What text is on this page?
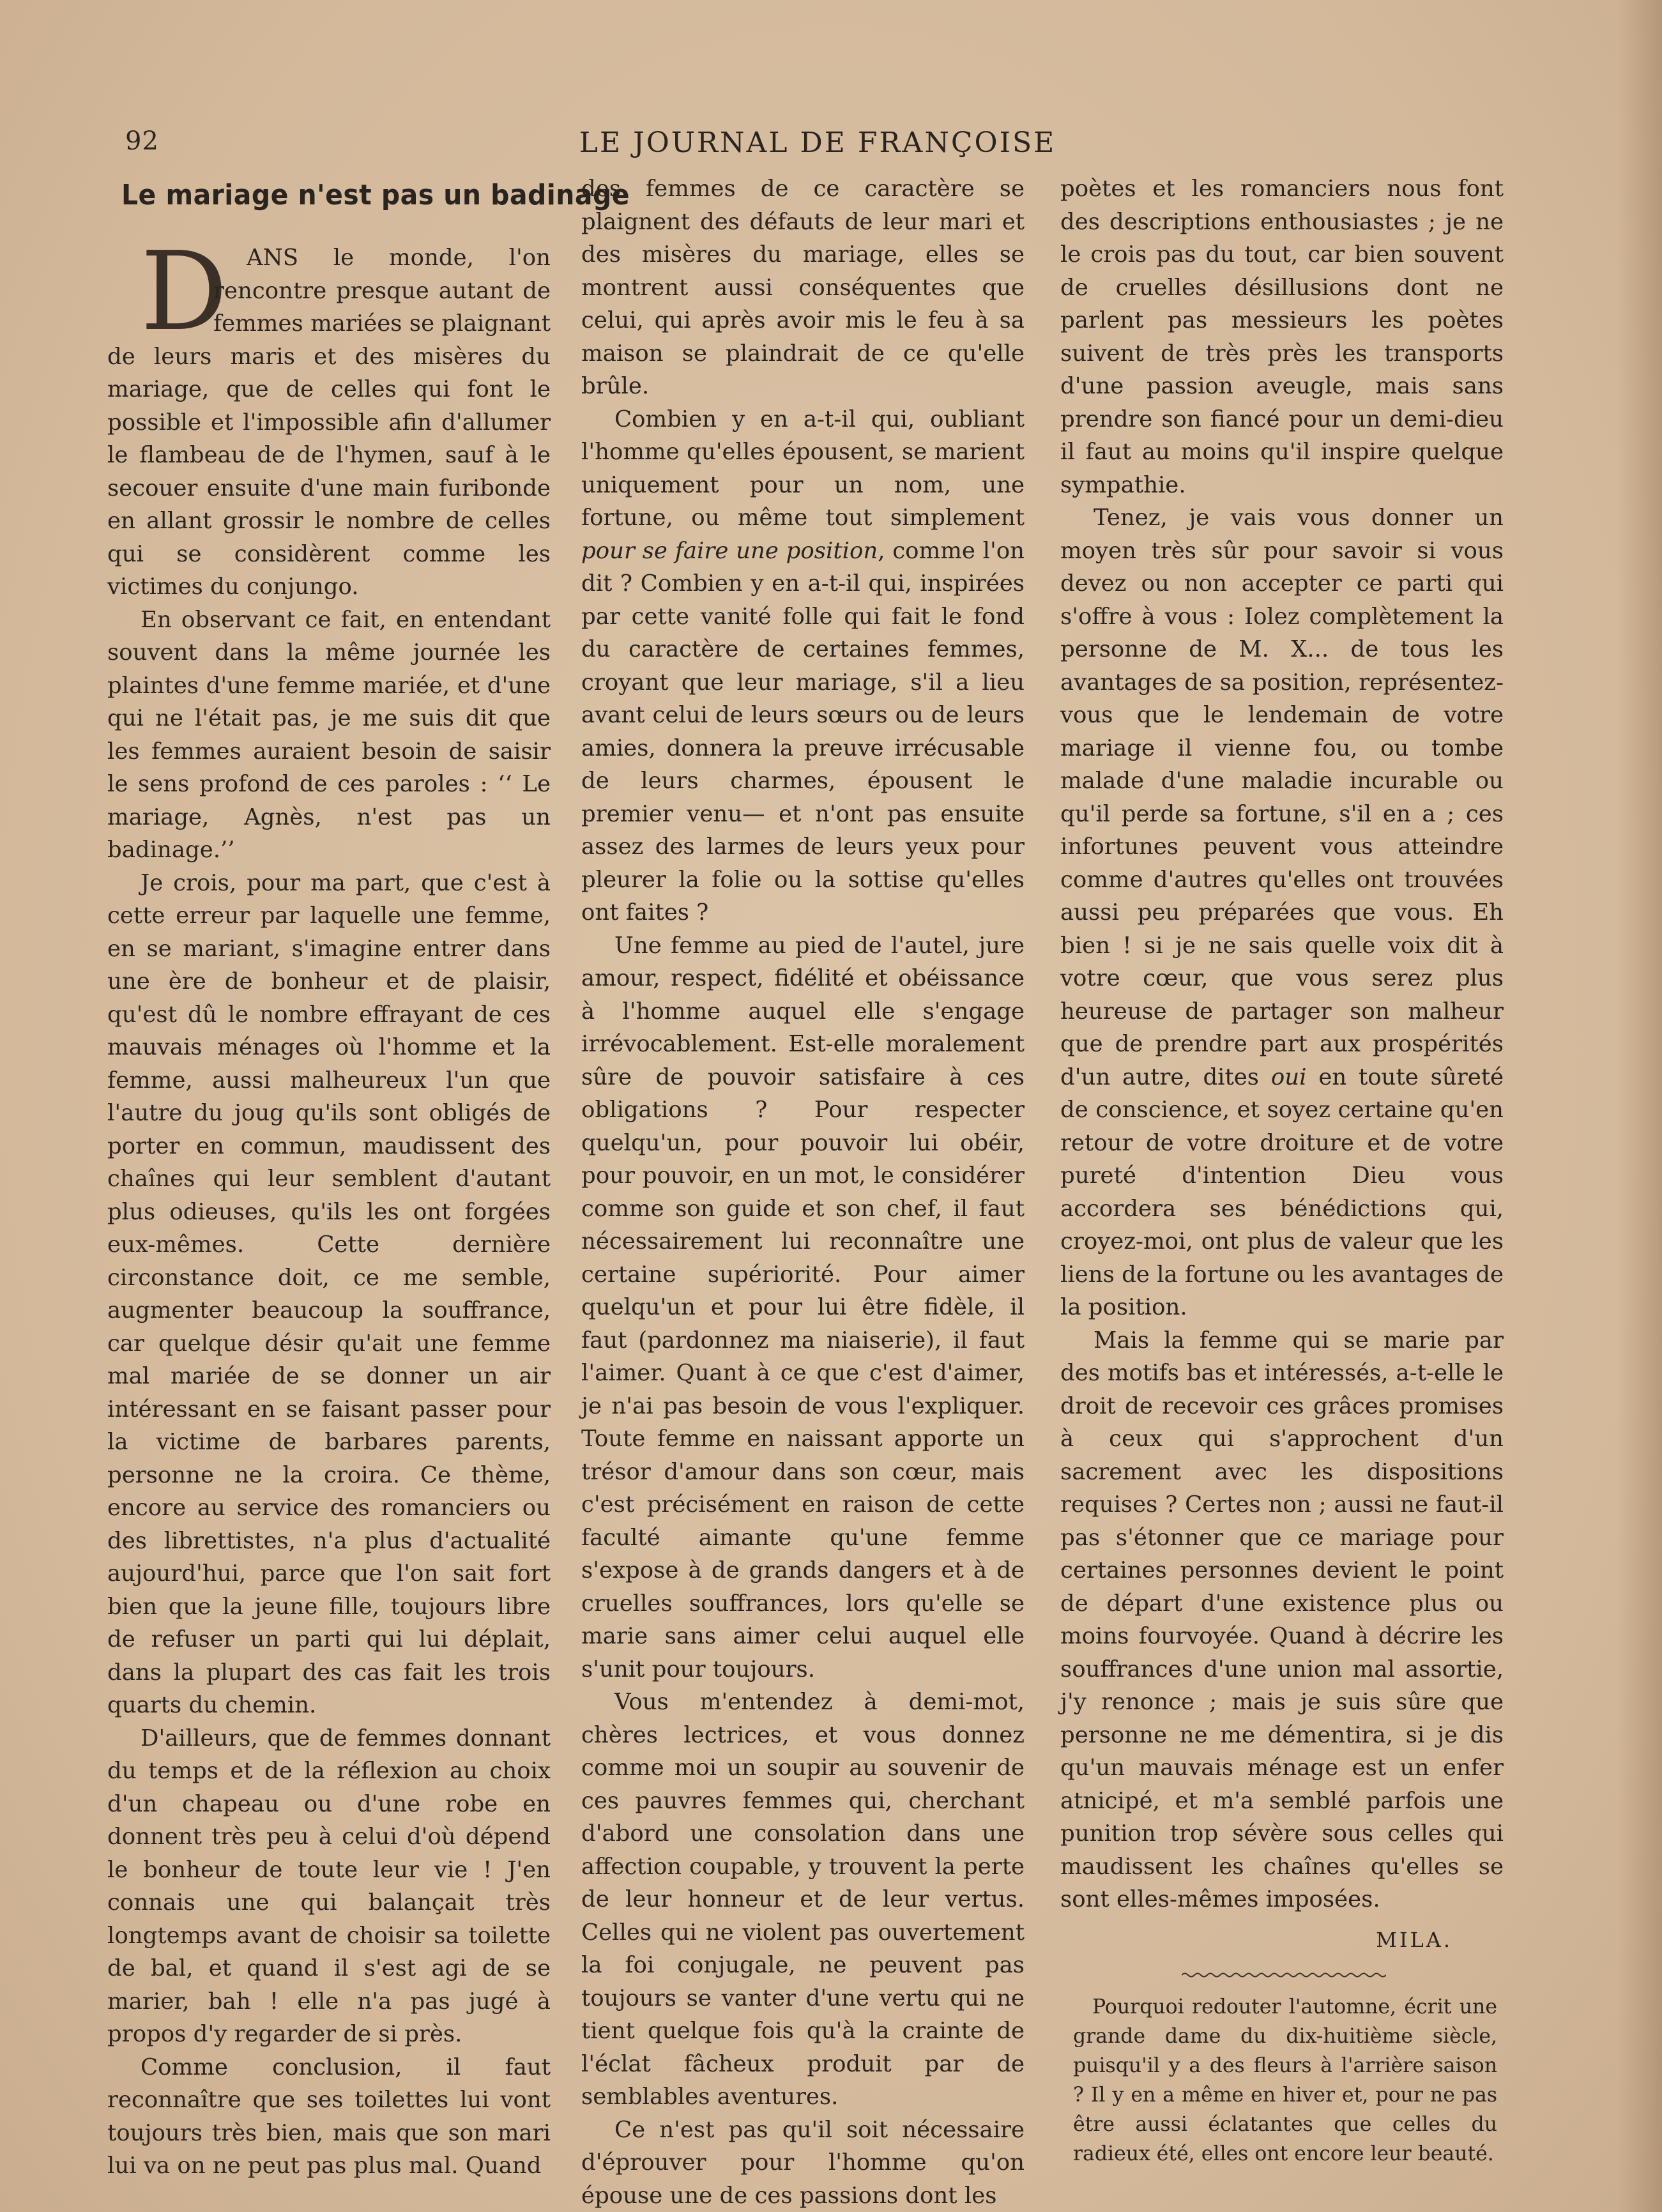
92	LE JOURNAL DE FRANÇOISE
Le mariage n'est pas un badinage

D ANS le monde, l'on rencontre presque autant de femmes mariées se plaignant de leurs maris et des misères du mariage, que de celles qui font le possible et l'impossible afin d'allumer le flambeau de de l'hymen, sauf à le secouer ensuite d'une main furibonde en allant grossir le nombre de celles qui se considèrent comme les victimes du conjungo.

En observant ce fait, en entendant souvent dans la même journée les plaintes d'une femme mariée, et d'une qui ne l'était pas, je me suis dit que les femmes auraient besoin de saisir le sens profond de ces paroles : ‘‘ Le mariage, Agnès, n'est pas un badinage.’’

Je crois, pour ma part, que c'est à cette erreur par laquelle une femme, en se mariant, s'imagine entrer dans une ère de bonheur et de plaisir, qu'est dû le nombre effrayant de ces mauvais ménages où l'homme et la femme, aussi malheureux l'un que l'autre du joug qu'ils sont obligés de porter en commun, maudissent des chaînes qui leur semblent d'autant plus odieuses, qu'ils les ont forgées eux-mêmes. Cette dernière circonstance doit, ce me semble, augmenter beaucoup la souffrance, car quelque désir qu'ait une femme mal mariée de se donner un air intéressant en se faisant passer pour la victime de barbares parents, personne ne la croira. Ce thème, encore au service des romanciers ou des librettistes, n'a plus d'actualité aujourd'hui, parce que l'on sait fort bien que la jeune fille, toujours libre de refuser un parti qui lui déplait, dans la plupart des cas fait les trois quarts du chemin.

D'ailleurs, que de femmes donnant du temps et de la réflexion au choix d'un chapeau ou d'une robe en donnent très peu à celui d'où dépend le bonheur de toute leur vie ! J'en connais une qui balançait très longtemps avant de choisir sa toilette de bal, et quand il s'est agi de se marier, bah ! elle n'a pas jugé à propos d'y regarder de si près.

Comme conclusion, il faut reconnaître que ses toilettes lui vont toujours très bien, mais que son mari lui va on ne peut pas plus mal. Quand

des femmes de ce caractère se plaignent des défauts de leur mari et des misères du mariage, elles se montrent aussi conséquentes que celui, qui après avoir mis le feu à sa maison se plaindrait de ce qu'elle brûle.

Combien y en a-t-il qui, oubliant l'homme qu'elles épousent, se marient uniquement pour un nom, une fortune, ou même tout simplement pour se faire une position, comme l'on dit ? Combien y en a-t-il qui, inspirées par cette vanité folle qui fait le fond du caractère de certaines femmes, croyant que leur mariage, s'il a lieu avant celui de leurs sœurs ou de leurs amies, donnera la preuve irrécusable de leurs charmes, épousent le premier venu— et n'ont pas ensuite assez des larmes de leurs yeux pour pleurer la folie ou la sottise qu'elles ont faites ?

Une femme au pied de l'autel, jure amour, respect, fidélité et obéissance à l'homme auquel elle s'engage irrévocablement. Est-elle moralement sûre de pouvoir satisfaire à ces obligations ? Pour respecter quelqu'un, pour pouvoir lui obéir, pour pouvoir, en un mot, le considérer comme son guide et son chef, il faut nécessairement lui reconnaître une certaine supériorité. Pour aimer quelqu'un et pour lui être fidèle, il faut (pardonnez ma niaiserie), il faut l'aimer. Quant à ce que c'est d'aimer, je n'ai pas besoin de vous l'expliquer. Toute femme en naissant apporte un trésor d'amour dans son cœur, mais c'est précisément en raison de cette faculté aimante qu'une femme s'expose à de grands dangers et à de cruelles souffrances, lors qu'elle se marie sans aimer celui auquel elle s'unit pour toujours.

Vous m'entendez à demi-mot, chères lectrices, et vous donnez comme moi un soupir au souvenir de ces pauvres femmes qui, cherchant d'abord une consolation dans une affection coupable, y trouvent la perte de leur honneur et de leur vertus. Celles qui ne violent pas ouvertement la foi conjugale, ne peuvent pas toujours se vanter d'une vertu qui ne tient quelque fois qu'à la crainte de l'éclat fâcheux produit par de semblables aventures.

Ce n'est pas qu'il soit nécessaire d'éprouver pour l'homme qu'on épouse une de ces passions dont les

poètes et les romanciers nous font des descriptions enthousiastes ; je ne le crois pas du tout, car bien souvent de cruelles désillusions dont ne parlent pas messieurs les poètes suivent de très près les transports d'une passion aveugle, mais sans prendre son fiancé pour un demi-dieu il faut au moins qu'il inspire quelque sympathie.

Tenez, je vais vous donner un moyen très sûr pour savoir si vous devez ou non accepter ce parti qui s'offre à vous : Iolez complètement la personne de M. X... de tous les avantages de sa position, représentez-vous que le lendemain de votre mariage il vienne fou, ou tombe malade d'une maladie incurable ou qu'il perde sa fortune, s'il en a ; ces infortunes peuvent vous atteindre comme d'autres qu'elles ont trouvées aussi peu préparées que vous. Eh bien ! si je ne sais quelle voix dit à votre cœur, que vous serez plus heureuse de partager son malheur que de prendre part aux prospérités d'un autre, dites oui en toute sûreté de conscience, et soyez certaine qu'en retour de votre droiture et de votre pureté d'intention Dieu vous accordera ses bénédictions qui, croyez-moi, ont plus de valeur que les liens de la fortune ou les avantages de la position.

Mais la femme qui se marie par des motifs bas et intéressés, a-t-elle le droit de recevoir ces grâces promises à ceux qui s'approchent d'un sacrement avec les dispositions requises ? Certes non ; aussi ne faut-il pas s'étonner que ce mariage pour certaines personnes devient le point de départ d'une existence plus ou moins fourvoyée. Quand à décrire les souffrances d'une union mal assortie, j'y renonce ; mais je suis sûre que personne ne me démentira, si je dis qu'un mauvais ménage est un enfer atnicipé, et m'a semblé parfois une punition trop sévère sous celles qui maudissent les chaînes qu'elles se sont elles-mêmes imposées.

MILA.

Pourquoi redouter l'automne, écrit une grande dame du dix-huitième siècle, puisqu'il y a des fleurs à l'arrière saison ? Il y en a même en hiver et, pour ne pas être aussi éclatantes que celles du radieux été, elles ont encore leur beauté.
